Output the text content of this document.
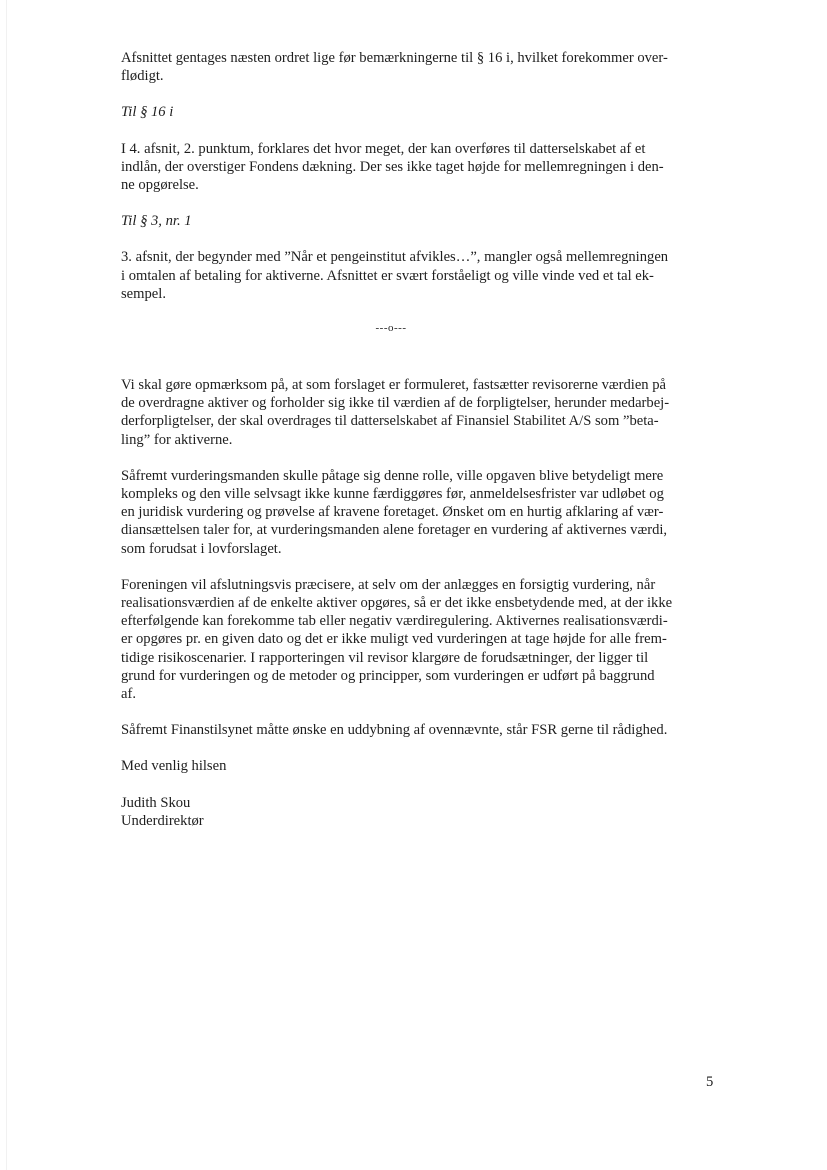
Afsnittet gentages næsten ordret lige før bemærkningerne til § 16 i, hvilket forekommer over-
flødigt.

Til § 16 i

I 4. afsnit, 2. punktum, forklares det hvor meget, der kan overføres til datterselskabet af et
indlån, der overstiger Fondens dækning. Der ses ikke taget højde for mellemregningen i den-
ne opgørelse.

Til § 3, nr. 1

3. afsnit, der begynder med ”Når et pengeinstitut afvikles…”, mangler også mellemregningen
i omtalen af betaling for aktiverne. Afsnittet er svært forståeligt og ville vinde ved et tal ek-
sempel.

---o---

Vi skal gøre opmærksom på, at som forslaget er formuleret, fastsætter revisorerne værdien på
de overdragne aktiver og forholder sig ikke til værdien af de forpligtelser, herunder medarbej-
derforpligtelser, der skal overdrages til datterselskabet af Finansiel Stabilitet A/S som ”beta-
ling” for aktiverne.

Såfremt vurderingsmanden skulle påtage sig denne rolle, ville opgaven blive betydeligt mere
kompleks og den ville selvsagt ikke kunne færdiggøres før, anmeldelsesfrister var udløbet og
en juridisk vurdering og prøvelse af kravene foretaget. Ønsket om en hurtig afklaring af vær-
diansættelsen taler for, at vurderingsmanden alene foretager en vurdering af aktivernes værdi,
som forudsat i lovforslaget.

Foreningen vil afslutningsvis præcisere, at selv om der anlægges en forsigtig vurdering, når
realisationsværdien af de enkelte aktiver opgøres, så er det ikke ensbetydende med, at der ikke
efterfølgende kan forekomme tab eller negativ værdiregulering. Aktivernes realisationsværdi-
er opgøres pr. en given dato og det er ikke muligt ved vurderingen at tage højde for alle frem-
tidige risikoscenarier. I rapporteringen vil revisor klargøre de forudsætninger, der ligger til
grund for vurderingen og de metoder og principper, som vurderingen er udført på baggrund
af.

Såfremt Finanstilsynet måtte ønske en uddybning af ovennævnte, står FSR gerne til rådighed.

Med venlig hilsen

Judith Skou
Underdirektør

5
